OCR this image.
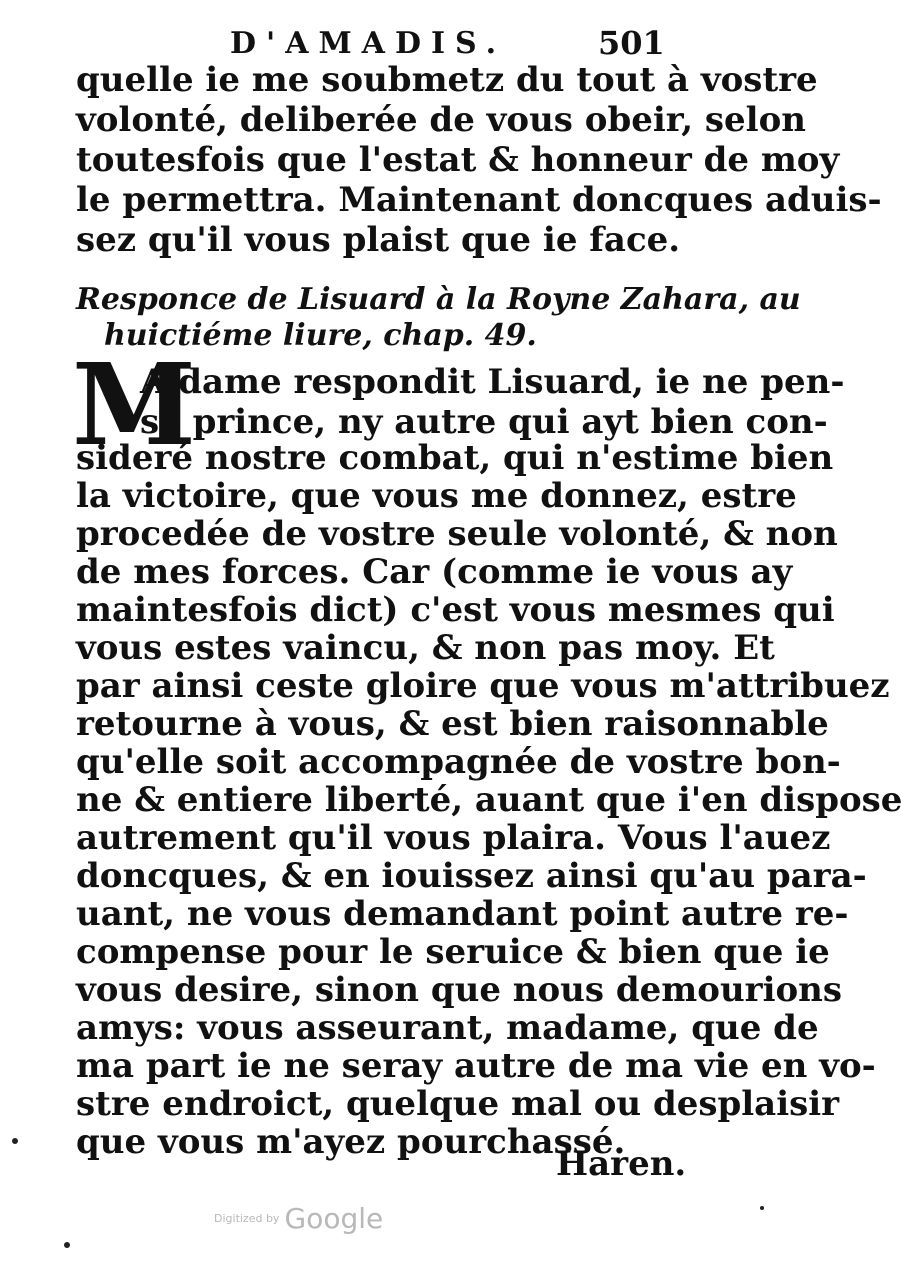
D'AMADIS.	501
quelle ie me soubmetz du tout à vostre
volonté, deliberée de vous obeir, selon
toutesfois que l'estat & honneur de moy
le permettra. Maintenant doncques aduis-
sez qu'il vous plaist que ie face.
Responce de Lisuard à la Royne Zahara, au
huictiéme liure, chap. 49.
M
A dame respondit Lisuard, ie ne pen-
se prince, ny autre qui ayt bien con-
sideré nostre combat, qui n'estime bien
la victoire, que vous me donnez, estre
procedée de vostre seule volonté, & non
de mes forces. Car (comme ie vous ay
maintesfois dict) c'est vous mesmes qui
vous estes vaincu, & non pas moy. Et
par ainsi ceste gloire que vous m'attribuez
retourne à vous, & est bien raisonnable
qu'elle soit accompagnée de vostre bon-
ne & entiere liberté, auant que i'en dispose
autrement qu'il vous plaira. Vous l'auez
doncques, & en iouissez ainsi qu'au para-
uant, ne vous demandant point autre re-
compense pour le seruice & bien que ie
vous desire, sinon que nous demourions
amys: vous asseurant, madame, que de
ma part ie ne seray autre de ma vie en vo-
stre endroict, quelque mal ou desplaisir
que vous m'ayez pourchassé.
Haren.
Digitized by Google
